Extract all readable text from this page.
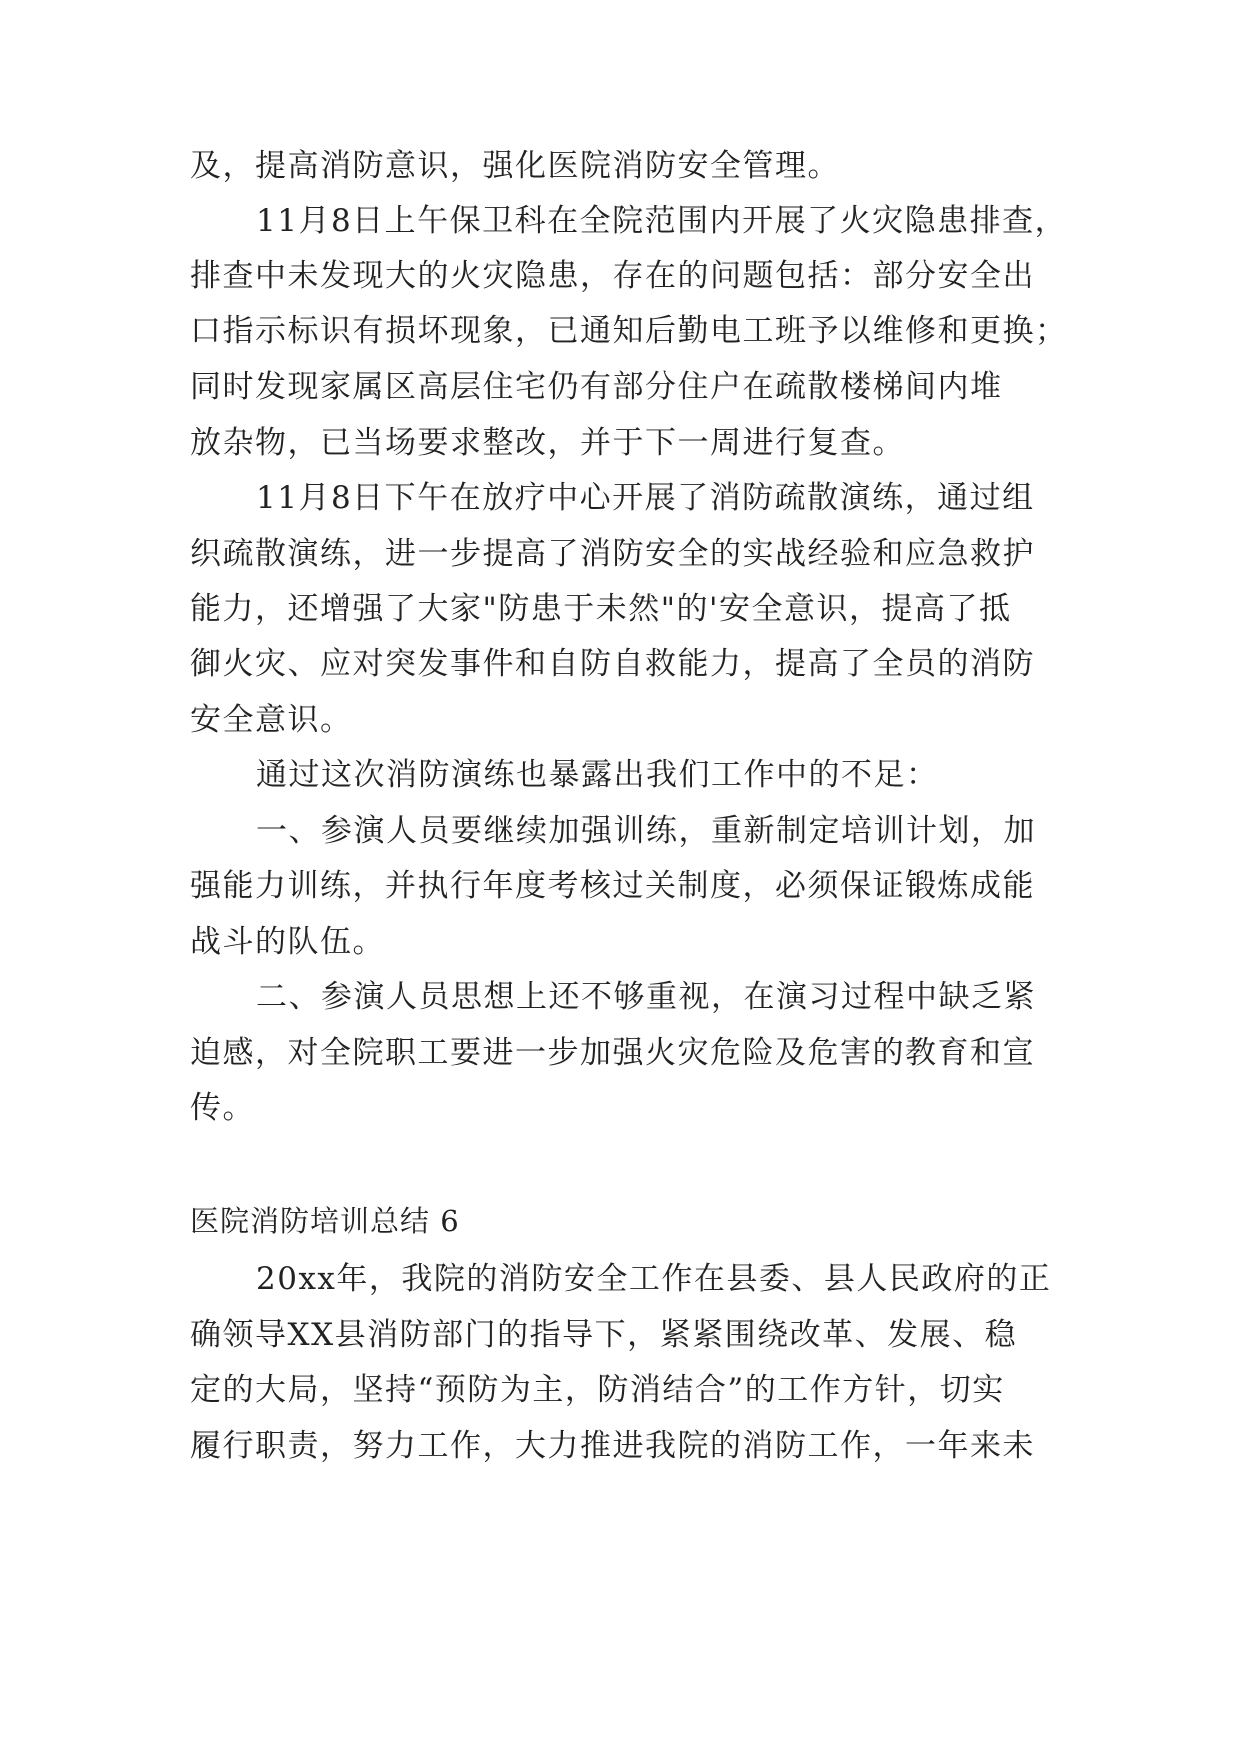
及，提高消防意识，强化医院消防安全管理。
11月8日上午保卫科在全院范围内开展了火灾隐患排查，
排查中未发现大的火灾隐患，存在的问题包括：部分安全出
口指示标识有损坏现象，已通知后勤电工班予以维修和更换；
同时发现家属区高层住宅仍有部分住户在疏散楼梯间内堆
放杂物，已当场要求整改，并于下一周进行复查。
11月8日下午在放疗中心开展了消防疏散演练，通过组
织疏散演练，进一步提高了消防安全的实战经验和应急救护
能力，还增强了大家"防患于未然"的'安全意识，提高了抵
御火灾、应对突发事件和自防自救能力，提高了全员的消防
安全意识。
通过这次消防演练也暴露出我们工作中的不足：
一、参演人员要继续加强训练，重新制定培训计划，加
强能力训练，并执行年度考核过关制度，必须保证锻炼成能
战斗的队伍。
二、参演人员思想上还不够重视，在演习过程中缺乏紧
迫感，对全院职工要进一步加强火灾危险及危害的教育和宣
传。
医院消防培训总结 6
20xx年，我院的消防安全工作在县委、县人民政府的正
确领导XX县消防部门的指导下，紧紧围绕改革、发展、稳
定的大局，坚持“预防为主，防消结合”的工作方针，切实
履行职责，努力工作，大力推进我院的消防工作，一年来未
